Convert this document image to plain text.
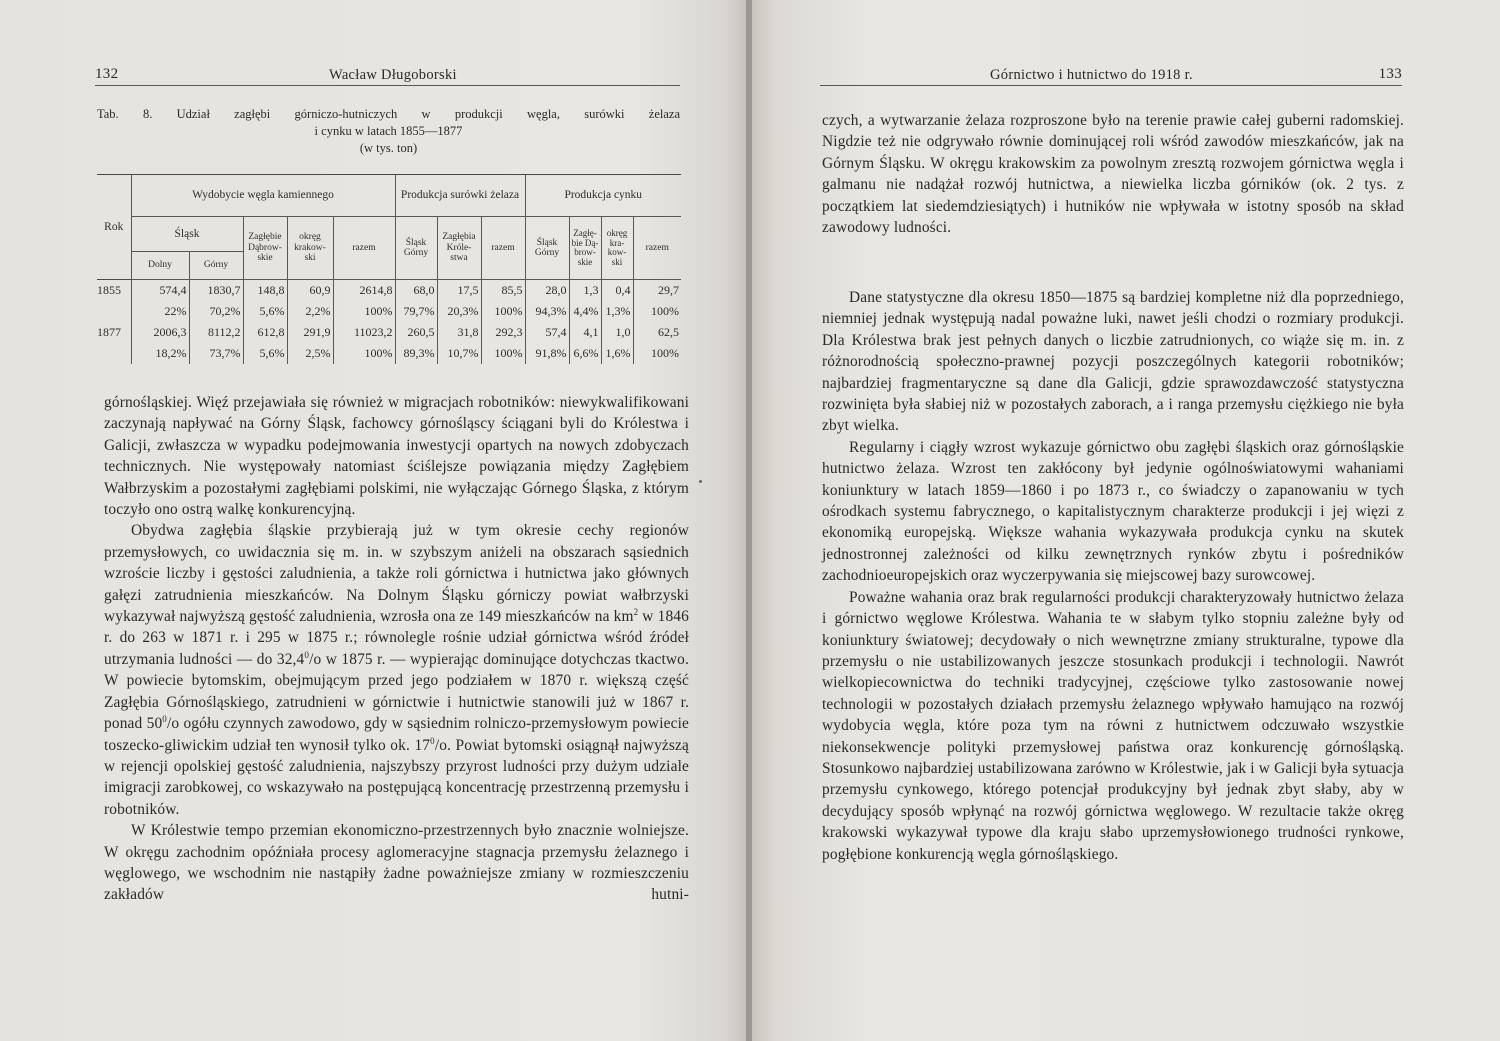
132	Wacław Długoborski
Tab. 8. Udział zagłębi górniczo-hutniczych w produkcji węgla, surówki żelaza
i cynku w latach 1855—1877
(w tys. ton)
Rok	Wydobycie węgla kamiennego					Produkcja surówki żelaza			Produkcja cynku			
	Śląsk		Zagłębie Dąbrow- skie	okręg krakow- ski	razem	Śląsk Górny	Zagłębia Króle- stwa	razem	Śląsk Górny	Zagłę- bie Dą- brow- skie	okręg kra- kow- ski	razem
	Dolny	Górny										
1855	574,4	1830,7	148,8	60,9	2614,8	68,0	17,5	85,5	28,0	1,3	0,4	29,7
	22%	70,2%	5,6%	2,2%	100%	79,7%	20,3%	100%	94,3%	4,4%	1,3%	100%
1877	2006,3	8112,2	612,8	291,9	11023,2	260,5	31,8	292,3	57,4	4,1	1,0	62,5
	18,2%	73,7%	5,6%	2,5%	100%	89,3%	10,7%	100%	91,8%	6,6%	1,6%	100%

górnośląskiej. Więź przejawiała się również w migracjach robotników: niewykwalifikowani zaczynają napływać na Górny Śląsk, fachowcy górnośląscy ściągani byli do Królestwa i Galicji, zwłaszcza w wypadku podejmowania inwestycji opartych na nowych zdobyczach technicznych. Nie występowały natomiast ściślejsze powiązania między Zagłębiem Wałbrzyskim a pozostałymi zagłębiami polskimi, nie wyłączając Górnego Śląska, z którym toczyło ono ostrą walkę konkurencyjną.

Obydwa zagłębia śląskie przybierają już w tym okresie cechy regionów przemysłowych, co uwidacznia się m. in. w szybszym aniżeli na obszarach sąsiednich wzroście liczby i gęstości zaludnienia, a także roli górnictwa i hutnictwa jako głównych gałęzi zatrudnienia mieszkańców. Na Dolnym Śląsku górniczy powiat wałbrzyski wykazywał najwyższą gęstość zaludnienia, wzrosła ona ze 149 mieszkańców na $km^2$ w 1846 r. do 263 w 1871 r. i 295 w 1875 r.; równolegle rośnie udział górnictwa wśród źródeł utrzymania ludności — do 32,4$^0$/o w 1875 r. — wypierając dominujące dotychczas tkactwo. W powiecie bytomskim, obejmującym przed jego podziałem w 1870 r. większą część Zagłębia Górnośląskiego, zatrudnieni w górnictwie i hutnictwie stanowili już w 1867 r. ponad $50^0/o$ ogółu czynnych zawodowo, gdy w sąsiednim rolniczo-przemysłowym powiecie toszecko-gliwickim udział ten wynosił tylko ok. $17^0/o$. Powiat bytomski osiągnął najwyższą w rejencji opolskiej gęstość zaludnienia, najszybszy przyrost ludności przy dużym udziale imigracji zarobkowej, co wskazywało na postępującą koncentrację przestrzenną przemysłu i robotników.

W Królestwie tempo przemian ekonomiczno-przestrzennych było znacznie wolniejsze. W okręgu zachodnim opóźniała procesy aglomeracyjne stagnacja przemysłu żelaznego i węglowego, we wschodnim nie nastąpiły żadne poważniejsze zmiany w rozmieszczeniu zakładów hutni-

Górnictwo i hutnictwo do 1918 r.	133

czych, a wytwarzanie żelaza rozproszone było na terenie prawie całej guberni radomskiej. Nigdzie też nie odgrywało równie dominującej roli wśród zawodów mieszkańców, jak na Górnym Śląsku. W okręgu krakowskim za powolnym zresztą rozwojem górnictwa węgla i galmanu nie nadążał rozwój hutnictwa, a niewielka liczba górników (ok. 2 tys. z początkiem lat siedemdziesiątych) i hutników nie wpływała w istotny sposób na skład zawodowy ludności.

Dane statystyczne dla okresu 1850—1875 są bardziej kompletne niż dla poprzedniego, niemniej jednak występują nadal poważne luki, nawet jeśli chodzi o rozmiary produkcji. Dla Królestwa brak jest pełnych danych o liczbie zatrudnionych, co wiąże się m. in. z różnorodnością społeczno-prawnej pozycji poszczególnych kategorii robotników; najbardziej fragmentaryczne są dane dla Galicji, gdzie sprawozdawczość statystyczna rozwinięta była słabiej niż w pozostałych zaborach, a i ranga przemysłu ciężkiego nie była zbyt wielka.

Regularny i ciągły wzrost wykazuje górnictwo obu zagłębi śląskich oraz górnośląskie hutnictwo żelaza. Wzrost ten zakłócony był jedynie ogólnoświatowymi wahaniami koniunktury w latach 1859—1860 i po 1873 r., co świadczy o zapanowaniu w tych ośrodkach systemu fabrycznego, o kapitalistycznym charakterze produkcji i jej więzi z ekonomiką europejską. Większe wahania wykazywała produkcja cynku na skutek jednostronnej zależności od kilku zewnętrznych rynków zbytu i pośredników zachodnioeuropejskich oraz wyczerpywania się miejscowej bazy surowcowej.

Poważne wahania oraz brak regularności produkcji charakteryzowały hutnictwo żelaza i górnictwo węglowe Królestwa. Wahania te w słabym tylko stopniu zależne były od koniunktury światowej; decydowały o nich wewnętrzne zmiany strukturalne, typowe dla przemysłu o nie ustabilizowanych jeszcze stosunkach produkcji i technologii. Nawrót wielkopiecownictwa do techniki tradycyjnej, częściowe tylko zastosowanie nowej technologii w pozostałych działach przemysłu żelaznego wpływało hamująco na rozwój wydobycia węgla, które poza tym na równi z hutnictwem odczuwało wszystkie niekonsekwencje polityki przemysłowej państwa oraz konkurencję górnośląską. Stosunkowo najbardziej ustabilizowana zarówno w Królestwie, jak i w Galicji była sytuacja przemysłu cynkowego, którego potencjał produkcyjny był jednak zbyt słaby, aby w decydujący sposób wpłynąć na rozwój górnictwa węglowego. W rezultacie także okręg krakowski wykazywał typowe dla kraju słabo uprzemysłowionego trudności rynkowe, pogłębione konkurencją węgla górnośląskiego.
